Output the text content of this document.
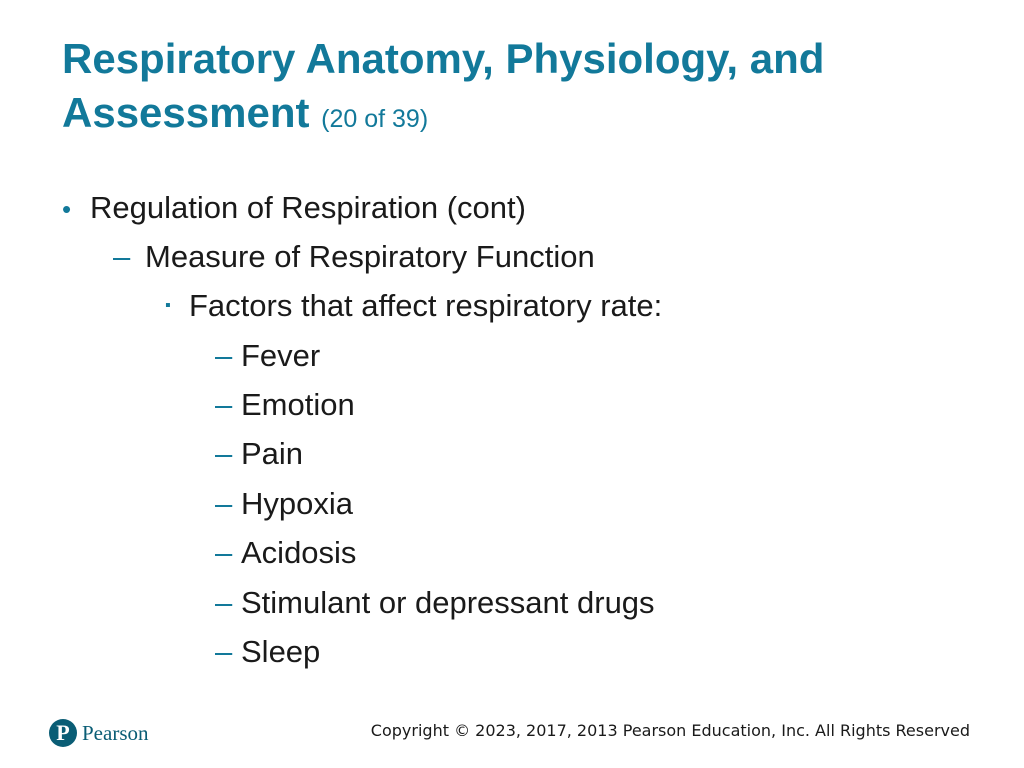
Respiratory Anatomy, Physiology, and Assessment (20 of 39)
• Regulation of Respiration (cont)
– Measure of Respiratory Function
▪ Factors that affect respiratory rate:
– Fever
– Emotion
– Pain
– Hypoxia
– Acidosis
– Stimulant or depressant drugs
– Sleep
P Pearson	Copyright © 2023, 2017, 2013 Pearson Education, Inc. All Rights Reserved
